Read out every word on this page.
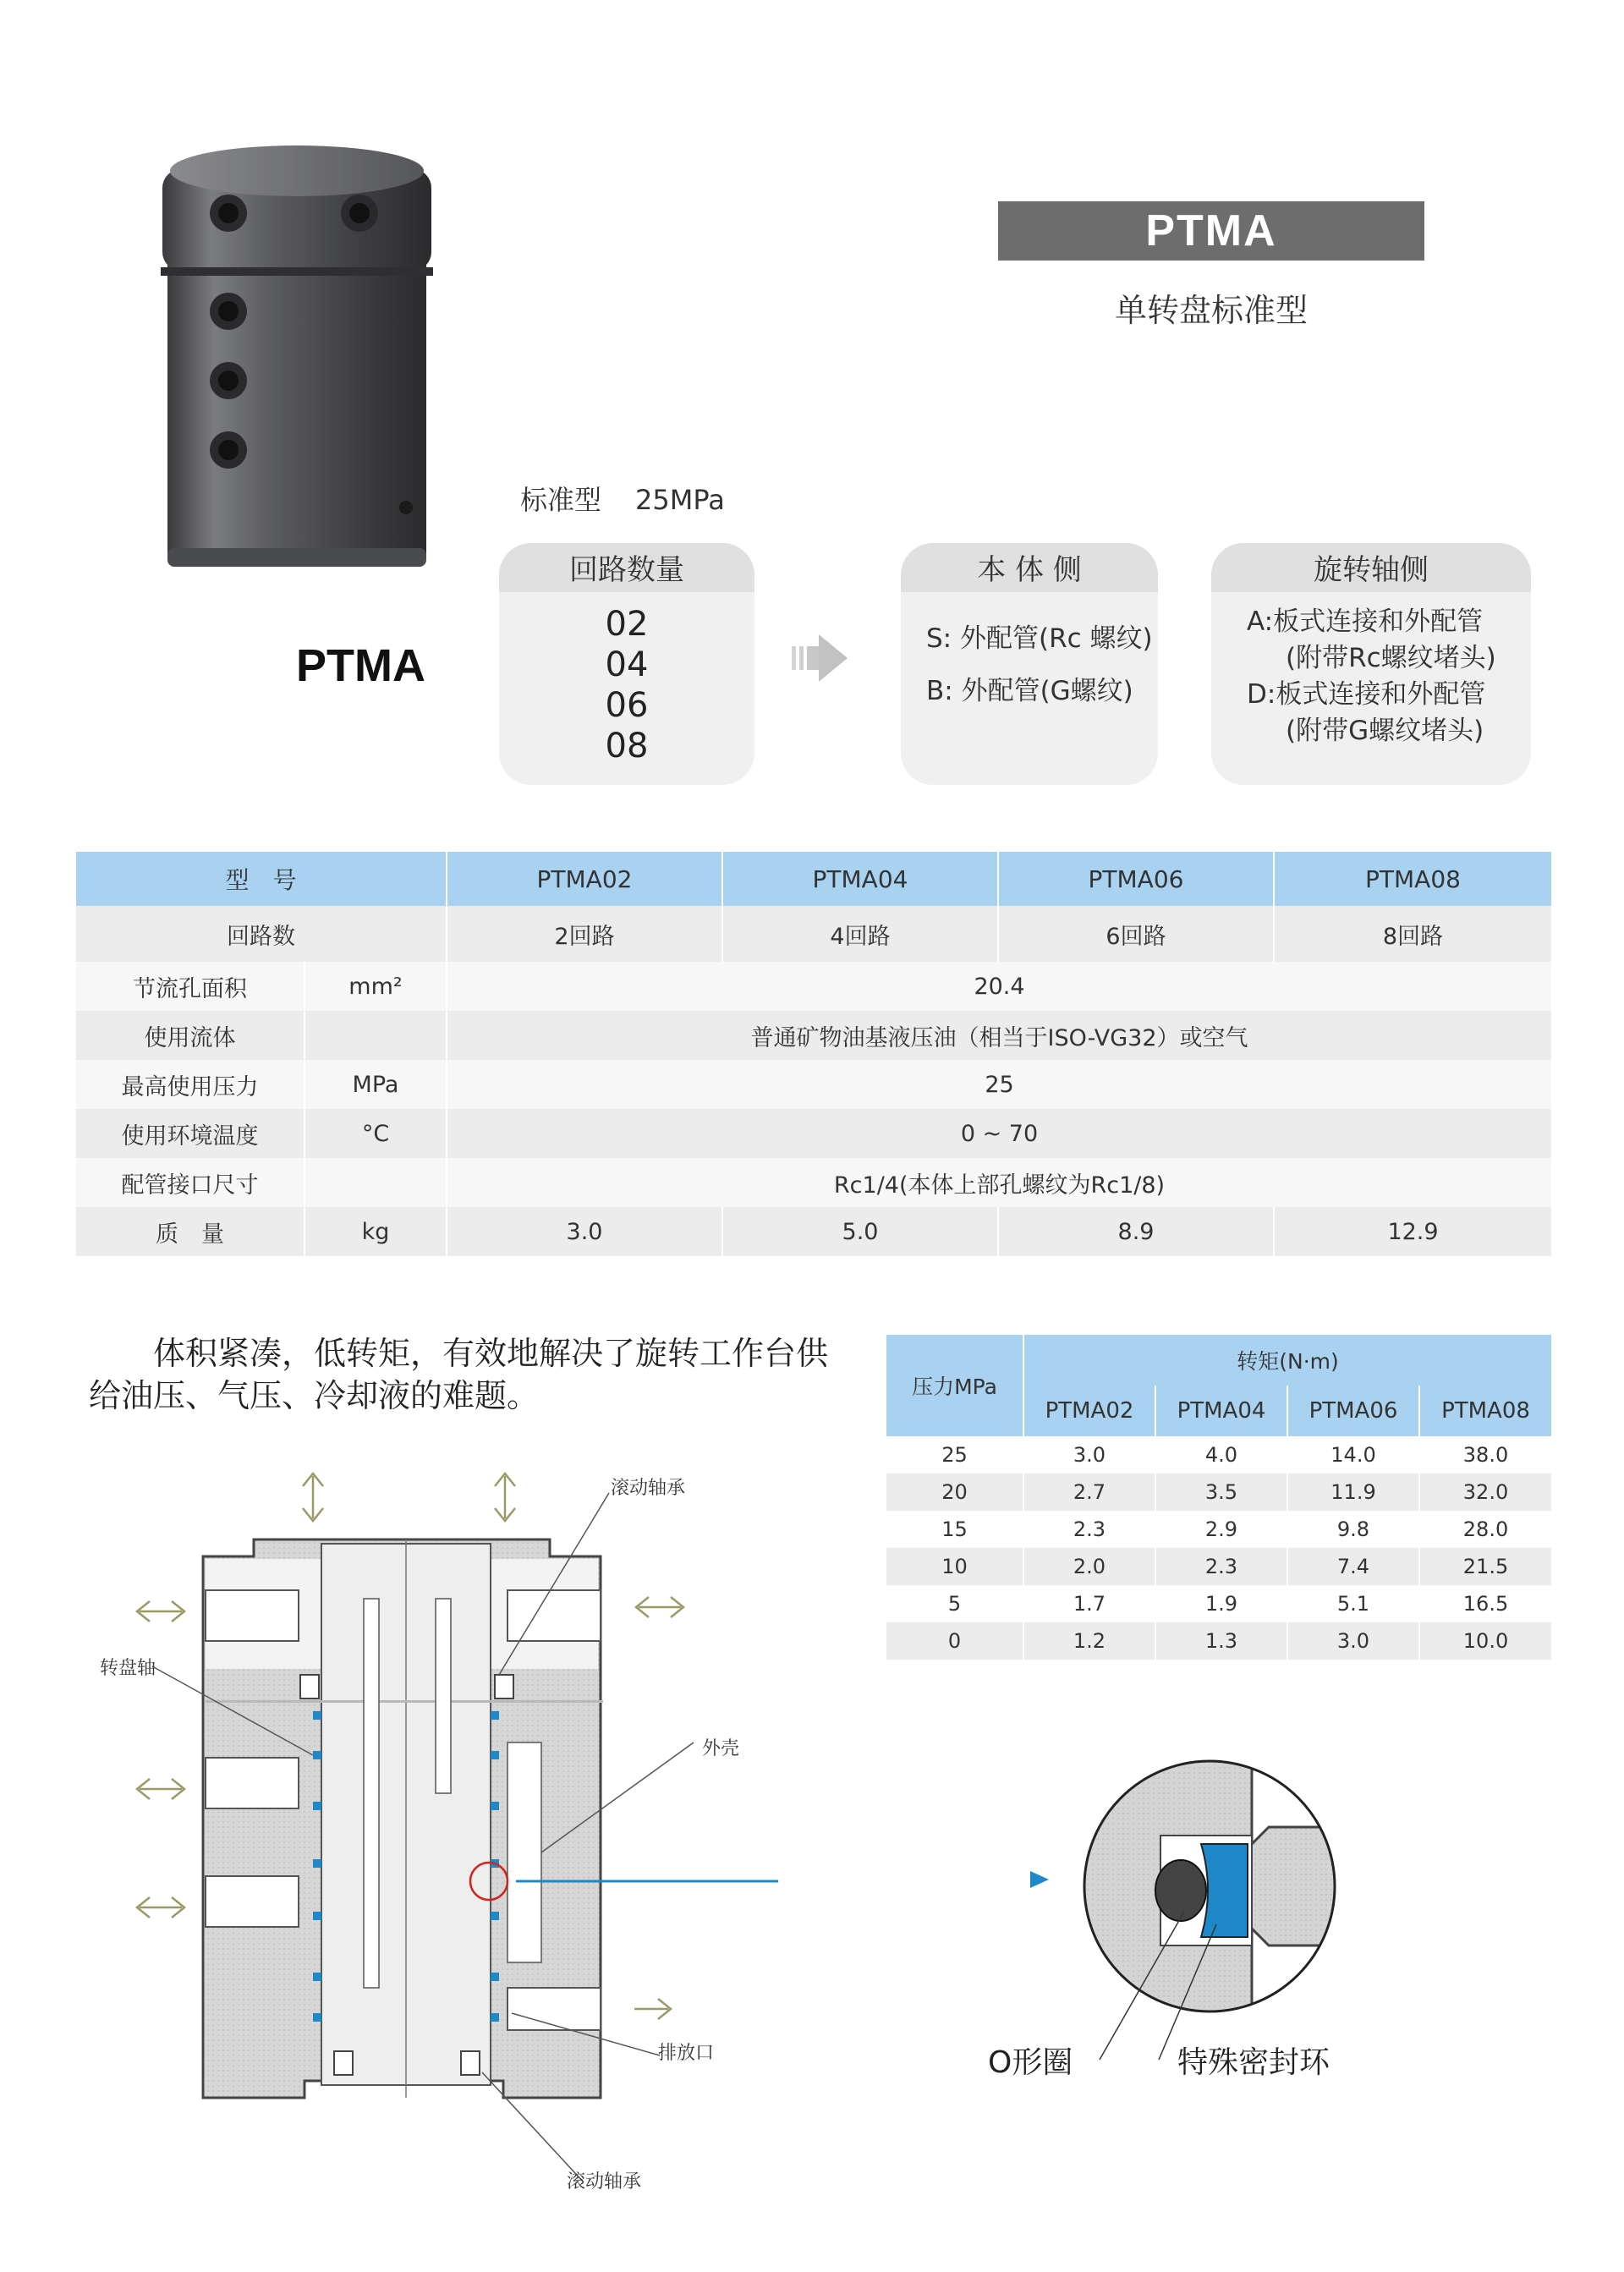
PTMA
单转盘标准型
PTMA
标准型 25MPa
回路数量
02
04
06
08
本 体 侧
S: 外配管(Rc 螺纹)
B: 外配管(G螺纹)
旋转轴侧
A:板式连接和外配管
(附带Rc螺纹堵头)
D:板式连接和外配管
(附带G螺纹堵头)
型　号		PTMA02	PTMA04	PTMA06	PTMA08
回路数		2回路	4回路	6回路	8回路
节流孔面积	mm²	20.4			
使用流体		普通矿物油基液压油（相当于ISO-VG32）或空气			
最高使用压力	MPa	25			
使用环境温度	°C	0 ~ 70			
配管接口尺寸		Rc1/4(本体上部孔螺纹为Rc1/8)			
质　量	kg	3.0	5.0	8.9	12.9
体积紧凑，低转矩，有效地解决了旋转工作台供给油压、气压、冷却液的难题。	压力MPa	转矩(N·m)			
	PTMA02	PTMA04	PTMA06	PTMA08
25	3.0	4.0	14.0	38.0
20	2.7	3.5	11.9	32.0
15	2.3	2.9	9.8	28.0
10	2.0	2.3	7.4	21.5
5	1.7	1.9	5.1	16.5
0	1.2	1.3	3.0	10.0
滚动轴承
转盘轴
外壳
排放口
滚动轴承
O形圈	特殊密封环
